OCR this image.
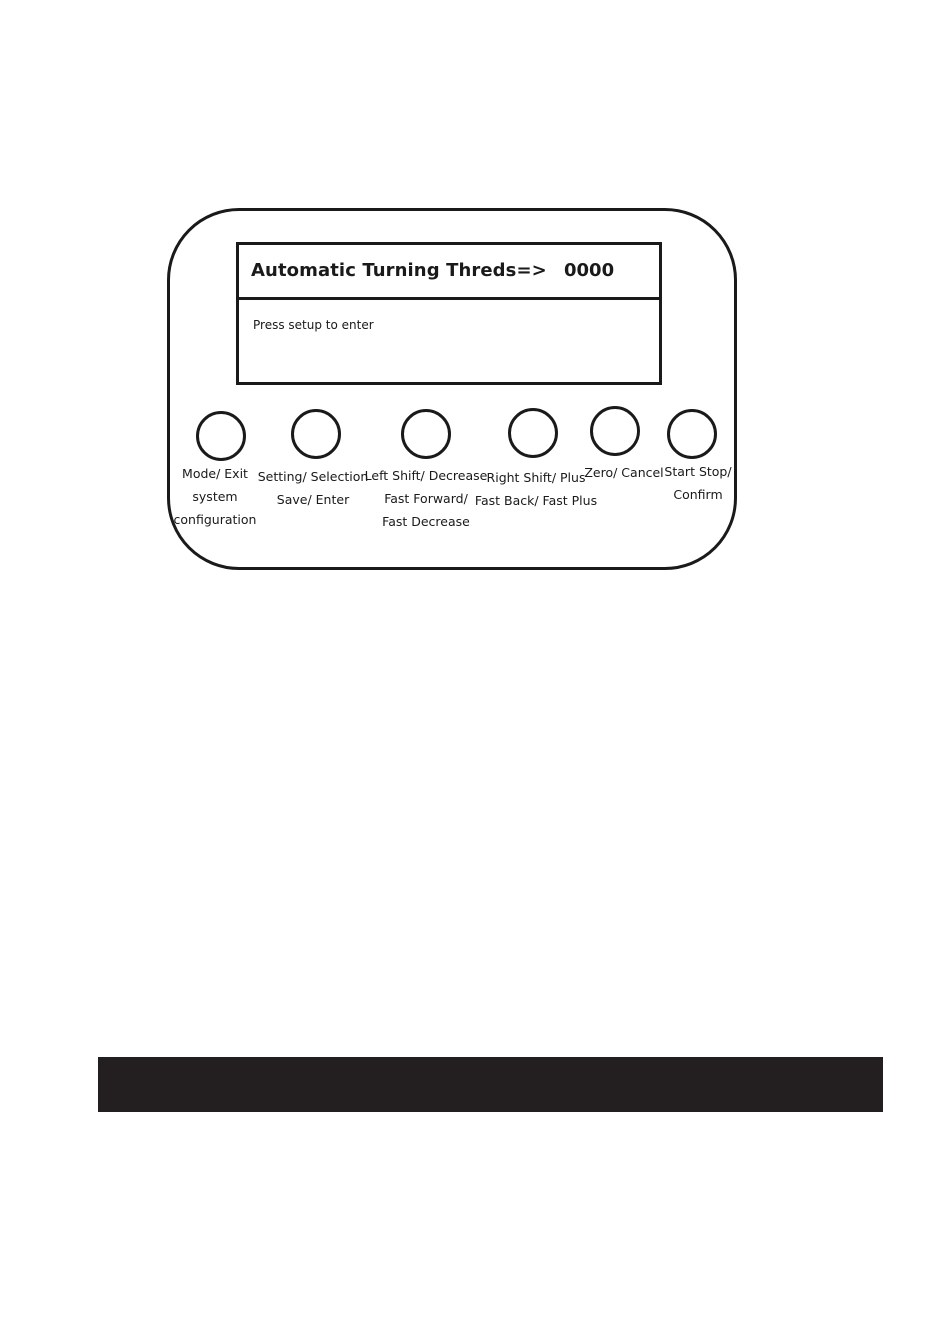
Automatic Turning Threds=> 0000
Press setup to enter
Mode/ Exit
system
configuration
Setting/ Selection
Save/ Enter
Left Shift/ Decrease
Fast Forward/
Fast Decrease
Right Shift/ Plus
Fast Back/ Fast Plus
Zero/ Cancel Start Stop/
Confirm
